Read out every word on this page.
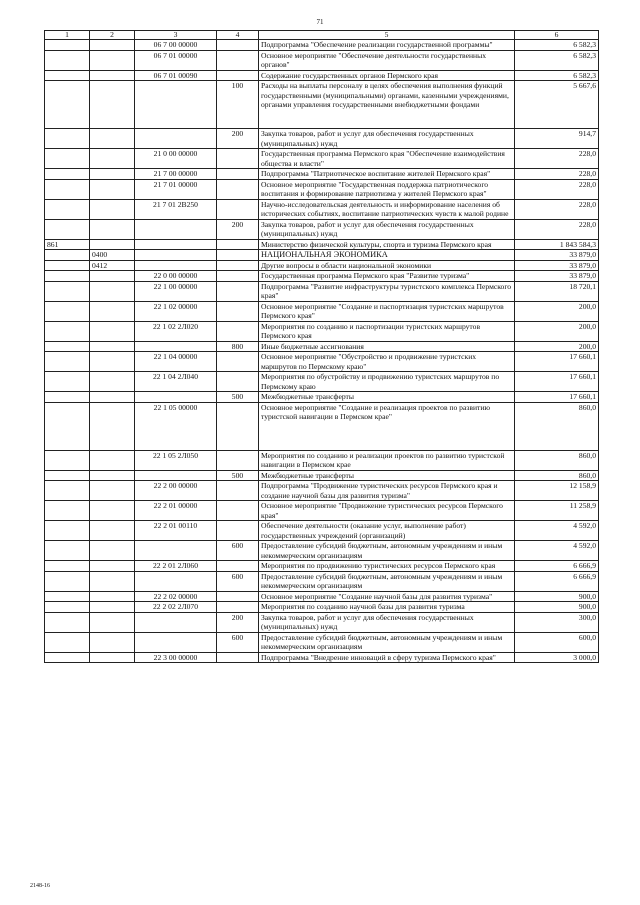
71
1	2	3	4	5	6
		06 7 00 00000		Подпрограмма "Обеспечение реализации государственной программы"	6 582,3
		06 7 01 00000		Основное мероприятие "Обеспечение деятельности государственных органов"	6 582,3
		06 7 01 00090		Содержание государственных органов Пермского края	6 582,3
			100	Расходы на выплаты персоналу в целях обеспечения выполнения функций государственными (муниципальными) органами, казенными учреждениями, органами управления государственными внебюджетными фондами	5 667,6
			200	Закупка товаров, работ и услуг для обеспечения государственных (муниципальных) нужд	914,7
		21 0 00 00000		Государственная программа Пермского края "Обеспечение взаимодействия общества и власти"	228,0
		21 7 00 00000		Подпрограмма "Патриотическое воспитание жителей Пермского края"	228,0
		21 7 01 00000		Основное мероприятие "Государственная поддержка патриотического воспитания и формирование патриотизма у жителей Пермского края"	228,0
		21 7 01 2В250		Научно-исследовательская деятельность и информирование населения об исторических событиях, воспитание патриотических чувств к малой родине	228,0
			200	Закупка товаров, работ и услуг для обеспечения государственных (муниципальных) нужд	228,0
861				Министерство физической культуры, спорта и туризма Пермского края	1 843 584,3
	0400			НАЦИОНАЛЬНАЯ ЭКОНОМИКА	33 879,0
	0412			Другие вопросы в области национальной экономики	33 879,0
		22 0 00 00000		Государственная программа Пермского края "Развитие туризма"	33 879,0
		22 1 00 00000		Подпрограмма "Развитие инфраструктуры туристского комплекса Пермского края"	18 720,1
		22 1 02 00000		Основное мероприятие "Создание и паспортизация туристских маршрутов Пермского края"	200,0
		22 1 02 2Л020		Мероприятия по созданию и паспортизации туристских маршрутов Пермского края	200,0
			800	Иные бюджетные ассигнования	200,0
		22 1 04 00000		Основное мероприятие "Обустройство и продвижение туристских маршрутов по Пермскому краю"	17 660,1
		22 1 04 2Л040		Мероприятия по обустройству и продвижению туристских маршрутов по Пермскому краю	17 660,1
			500	Межбюджетные трансферты	17 660,1
		22 1 05 00000		Основное мероприятие "Создание и реализация проектов по развитию туристской навигации в Пермском крае"	860,0
		22 1 05 2Л050		Мероприятия по созданию и реализации проектов по развитию туристской навигации в Пермском крае	860,0
			500	Межбюджетные трансферты	860,0
		22 2 00 00000		Подпрограмма "Продвижение туристических ресурсов Пермского края и создание научной базы для развития туризма"	12 158,9
		22 2 01 00000		Основное мероприятие "Продвижение туристических ресурсов Пермского края"	11 258,9
		22 2 01 00110		Обеспечение деятельности (оказание услуг, выполнение работ) государственных учреждений (организаций)	4 592,0
			600	Предоставление субсидий бюджетным, автономным учреждениям и иным некоммерческим организациям	4 592,0
		22 2 01 2Л060		Мероприятия по продвижению туристических ресурсов Пермского края	6 666,9
			600	Предоставление субсидий бюджетным, автономным учреждениям и иным некоммерческим организациям	6 666,9
		22 2 02 00000		Основное мероприятие "Создание научной базы для развития туризма"	900,0
		22 2 02 2Л070		Мероприятия по созданию научной базы для развития туризма	900,0
			200	Закупка товаров, работ и услуг для обеспечения государственных (муниципальных) нужд	300,0
			600	Предоставление субсидий бюджетным, автономным учреждениям и иным некоммерческим организациям	600,0
		22 3 00 00000		Подпрограмма "Внедрение инноваций в сферу туризма Пермского края"	3 000,0
2148-16
